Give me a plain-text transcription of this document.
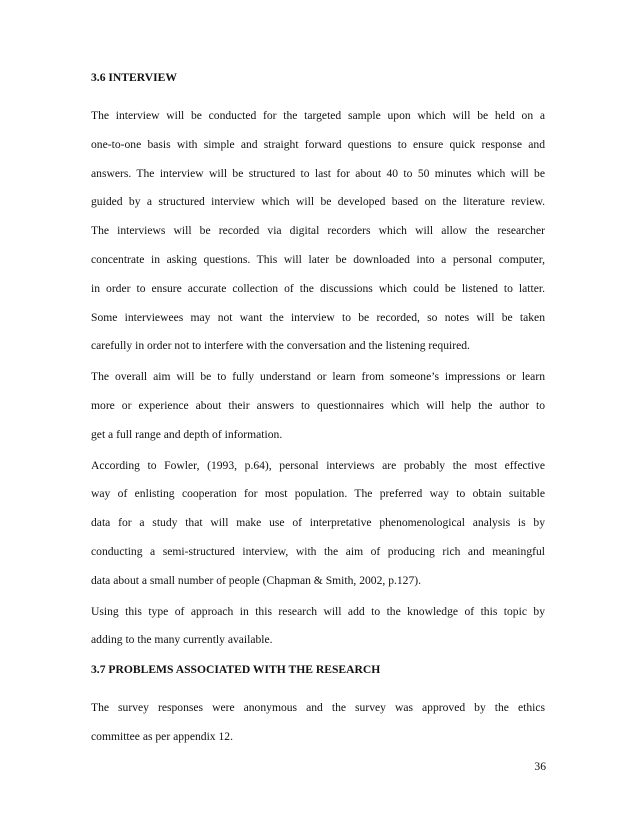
3.6 INTERVIEW
The interview will be conducted for the targeted sample upon which will be held on a
one-to-one basis with simple and straight forward questions to ensure quick response and
answers. The interview will be structured to last for about 40 to 50 minutes which will be
guided by a structured interview which will be developed based on the literature review.
The interviews will be recorded via digital recorders which will allow the researcher
concentrate in asking questions. This will later be downloaded into a personal computer,
in order to ensure accurate collection of the discussions which could be listened to latter.
Some interviewees may not want the interview to be recorded, so notes will be taken
carefully in order not to interfere with the conversation and the listening required.
The overall aim will be to fully understand or learn from someone’s impressions or learn
more or experience about their answers to questionnaires which will help the author to
get a full range and depth of information.
According to Fowler, (1993, p.64), personal interviews are probably the most effective
way of enlisting cooperation for most population. The preferred way to obtain suitable
data for a study that will make use of interpretative phenomenological analysis is by
conducting a semi-structured interview, with the aim of producing rich and meaningful
data about a small number of people (Chapman & Smith, 2002, p.127).
Using this type of approach in this research will add to the knowledge of this topic by
adding to the many currently available.
3.7 PROBLEMS ASSOCIATED WITH THE RESEARCH
The survey responses were anonymous and the survey was approved by the ethics
committee as per appendix 12.
36
